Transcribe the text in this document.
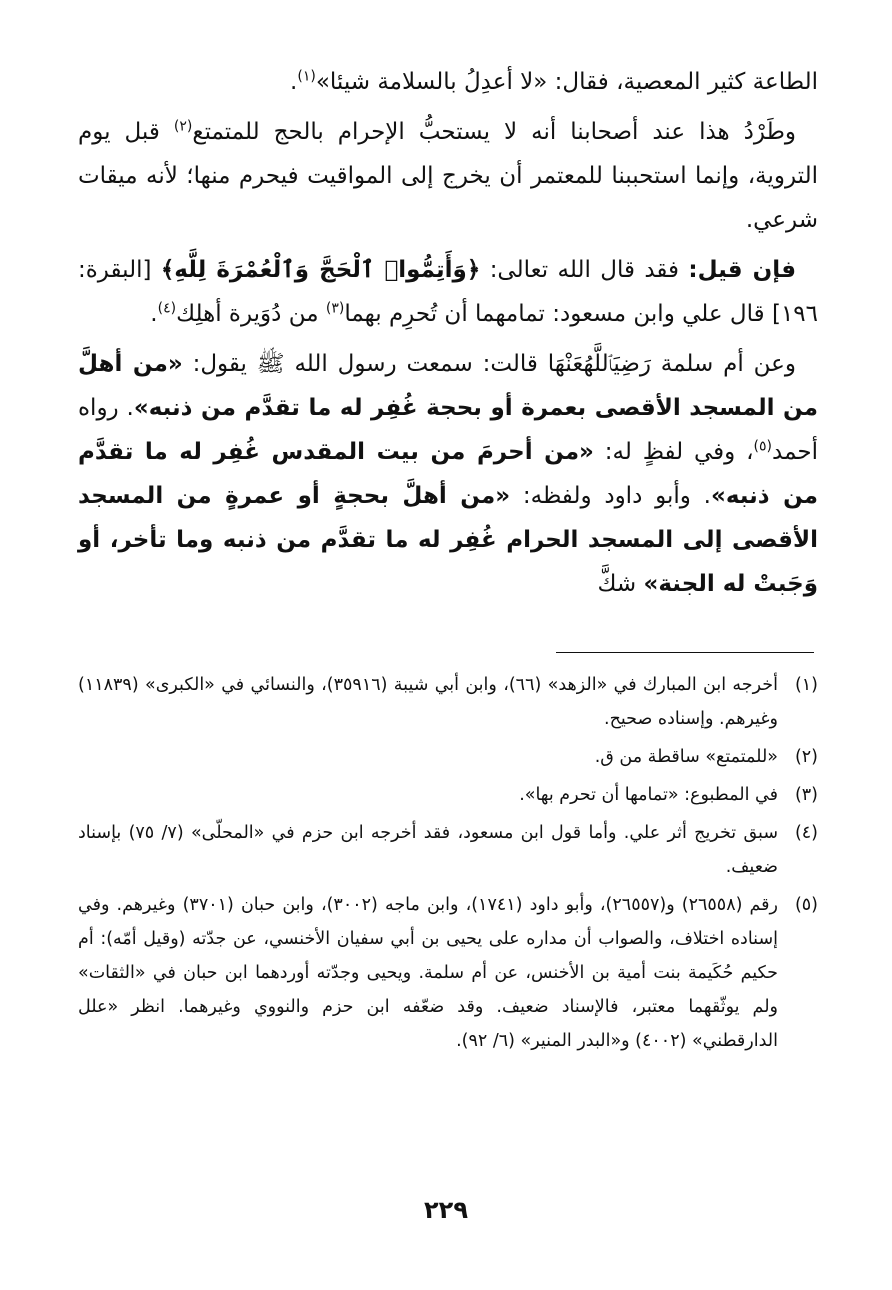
الطاعة كثير المعصية، فقال: «لا أعدِلُ بالسلامة شيئا»$^{(١)}$.

وطَرْدُ هذا عند أصحابنا أنه لا يستحبُّ الإحرام بالحج للمتمتع$^{(٢)}$ قبل يوم التروية، وإنما استحببنا للمعتمر أن يخرج إلى المواقيت فيحرم منها؛ لأنه ميقات شرعي.

فإن قيل: فقد قال الله تعالى: ﴿وَأَتِمُّوا۟ ٱلْحَجَّ وَٱلْعُمْرَةَ لِلَّهِ﴾ [البقرة: ١٩٦] قال علي وابن مسعود: تمامهما أن تُحرِم بهما$^{(٣)}$ من دُوَيرة أهلِك$^{(٤)}$.

وعن أم سلمة رَضِيَٱللَّهُعَنْهَا قالت: سمعت رسول الله ﷺ يقول: «من أهلَّ من المسجد الأقصى بعمرة أو بحجة غُفِر له ما تقدَّم من ذنبه». رواه أحمد$^{(٥)}$، وفي لفظٍ له: «من أحرمَ من بيت المقدس غُفِر له ما تقدَّم من ذنبه». وأبو داود ولفظه: «من أهلَّ بحجةٍ أو عمرةٍ من المسجد الأقصى إلى المسجد الحرام غُفِر له ما تقدَّم من ذنبه وما تأخر، أو وَجَبتْ له الجنة» شكَّ

(١)
أخرجه ابن المبارك في «الزهد» (٦٦)، وابن أبي شيبة (٣٥٩١٦)، والنسائي في «الكبرى» (١١٨٣٩) وغيرهم. وإسناده صحيح.
(٢)
«للمتمتع» ساقطة من ق.
(٣)
في المطبوع: «تمامها أن تحرم بها».
(٤)
سبق تخريج أثر علي. وأما قول ابن مسعود، فقد أخرجه ابن حزم في «المحلّى» (٧/ ٧٥) بإسناد ضعيف.
(٥)
رقم (٢٦٥٥٨) و(٢٦٥٥٧)، وأبو داود (١٧٤١)، وابن ماجه (٣٠٠٢)، وابن حبان (٣٧٠١) وغيرهم. وفي إسناده اختلاف، والصواب أن مداره على يحيى بن أبي سفيان الأخنسي، عن جدّته (وقيل أمّه): أم حكيم حُكَيمة بنت أمية بن الأخنس، عن أم سلمة. ويحيى وجدّته أوردهما ابن حبان في «الثقات» ولم يوثّقهما معتبر، فالإسناد ضعيف. وقد ضعّفه ابن حزم والنووي وغيرهما. انظر «علل الدارقطني» (٤٠٠٢) و«البدر المنير» (٦/ ٩٢).
٢٢٩
